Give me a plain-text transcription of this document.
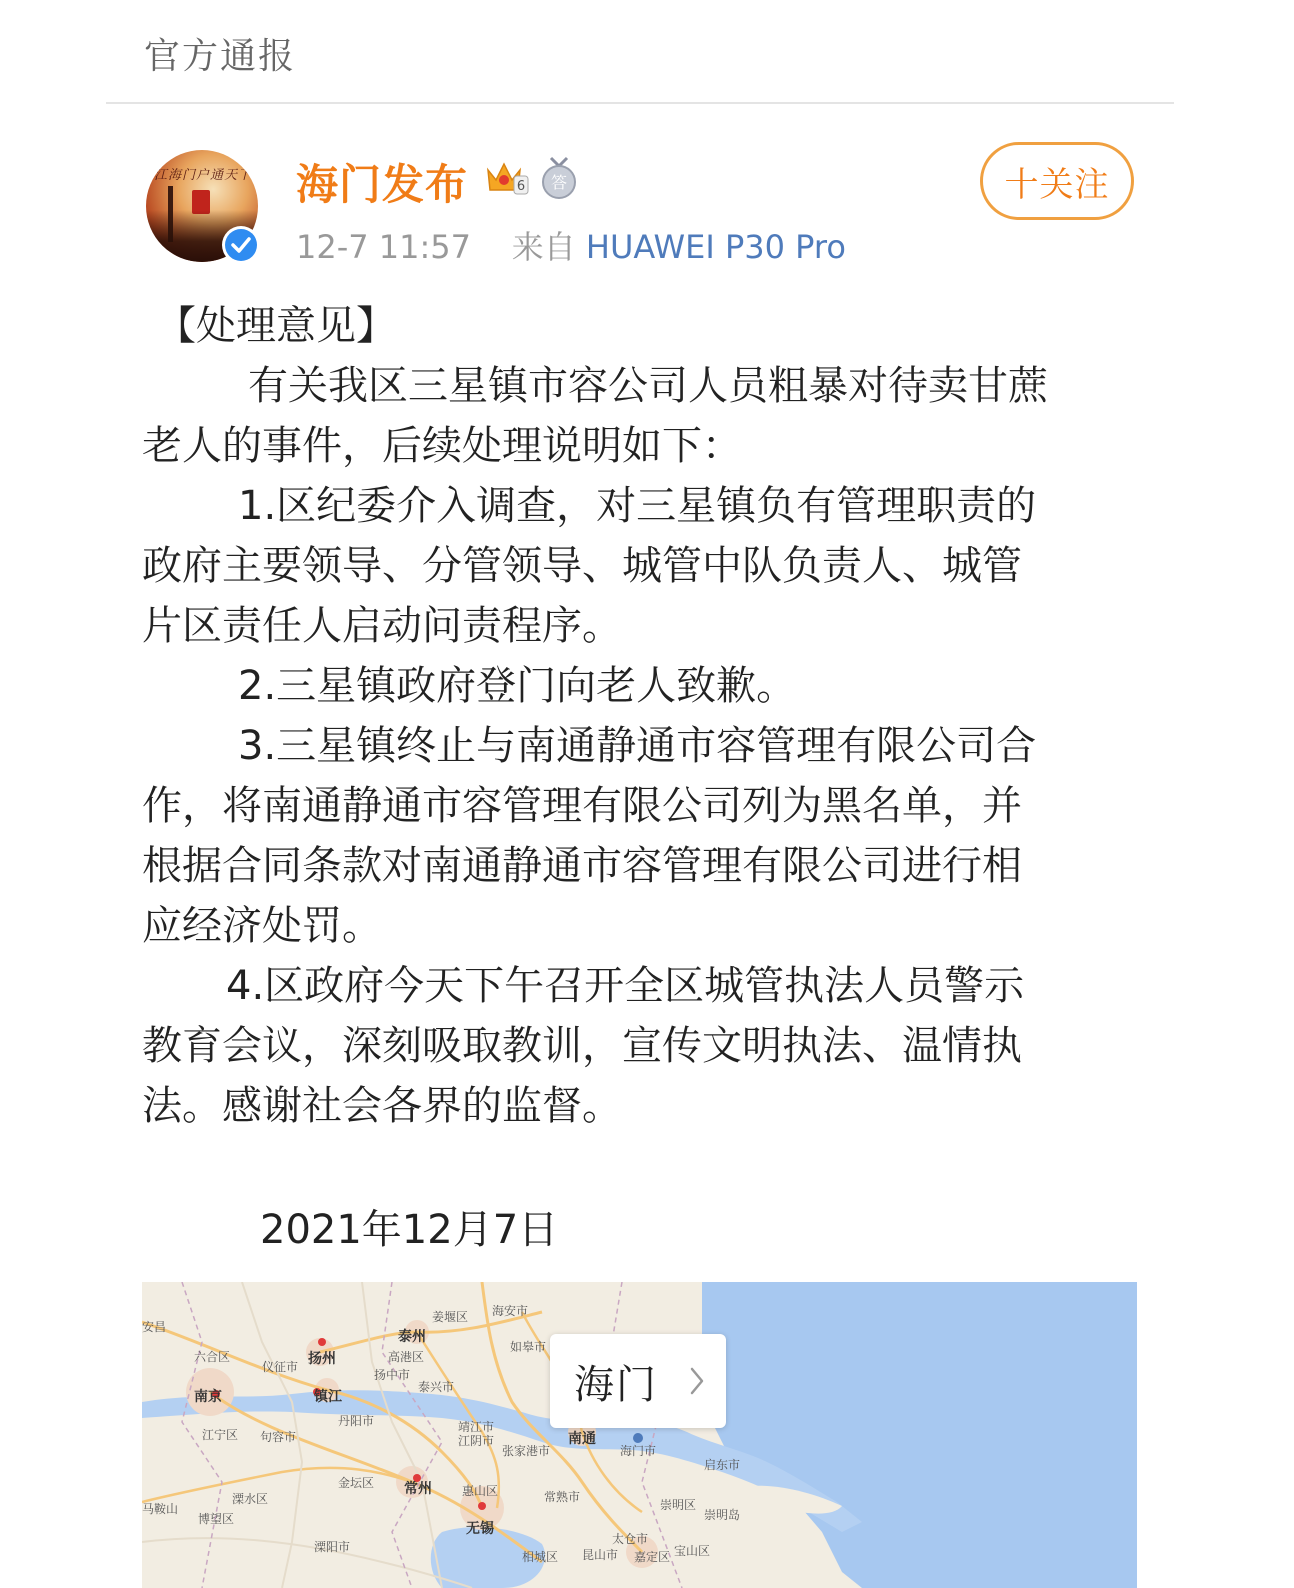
官方通报
江海门户通天下 海门发布	6 答	十关注
12-7 11:57 来自 HUAWEI P30 Pro
【处理意见】
有关我区三星镇市容公司人员粗暴对待卖甘蔗
老人的事件，后续处理说明如下：
1.区纪委介入调查，对三星镇负有管理职责的
政府主要领导、分管领导、城管中队负责人、城管
片区责任人启动问责程序。
2.三星镇政府登门向老人致歉。
3.三星镇终止与南通静通市容管理有限公司合
作，将南通静通市容管理有限公司列为黑名单，并
根据合同条款对南通静通市容管理有限公司进行相
应经济处罚。
4.区政府今天下午召开全区城管执法人员警示
教育会议，深刻吸取教训，宣传文明执法、温情执
法。感谢社会各界的监督。
2021年12月7日
安昌
六合区
仪征市 扬州
泰州
姜堰区 海安市
如皋市
高港区
扬中市
泰兴市
南京	镇江
丹阳市
江宁区 句容市
靖江市
江阴市
张家港市
南通
海门市
启东市
金坛区 常州	惠山区	常熟市
崇明区
崇明岛
马鞍山
溧水区
博望区
无锡
太仓市
宝山区
溧阳市
相城区 昆山市 嘉定区
海门
